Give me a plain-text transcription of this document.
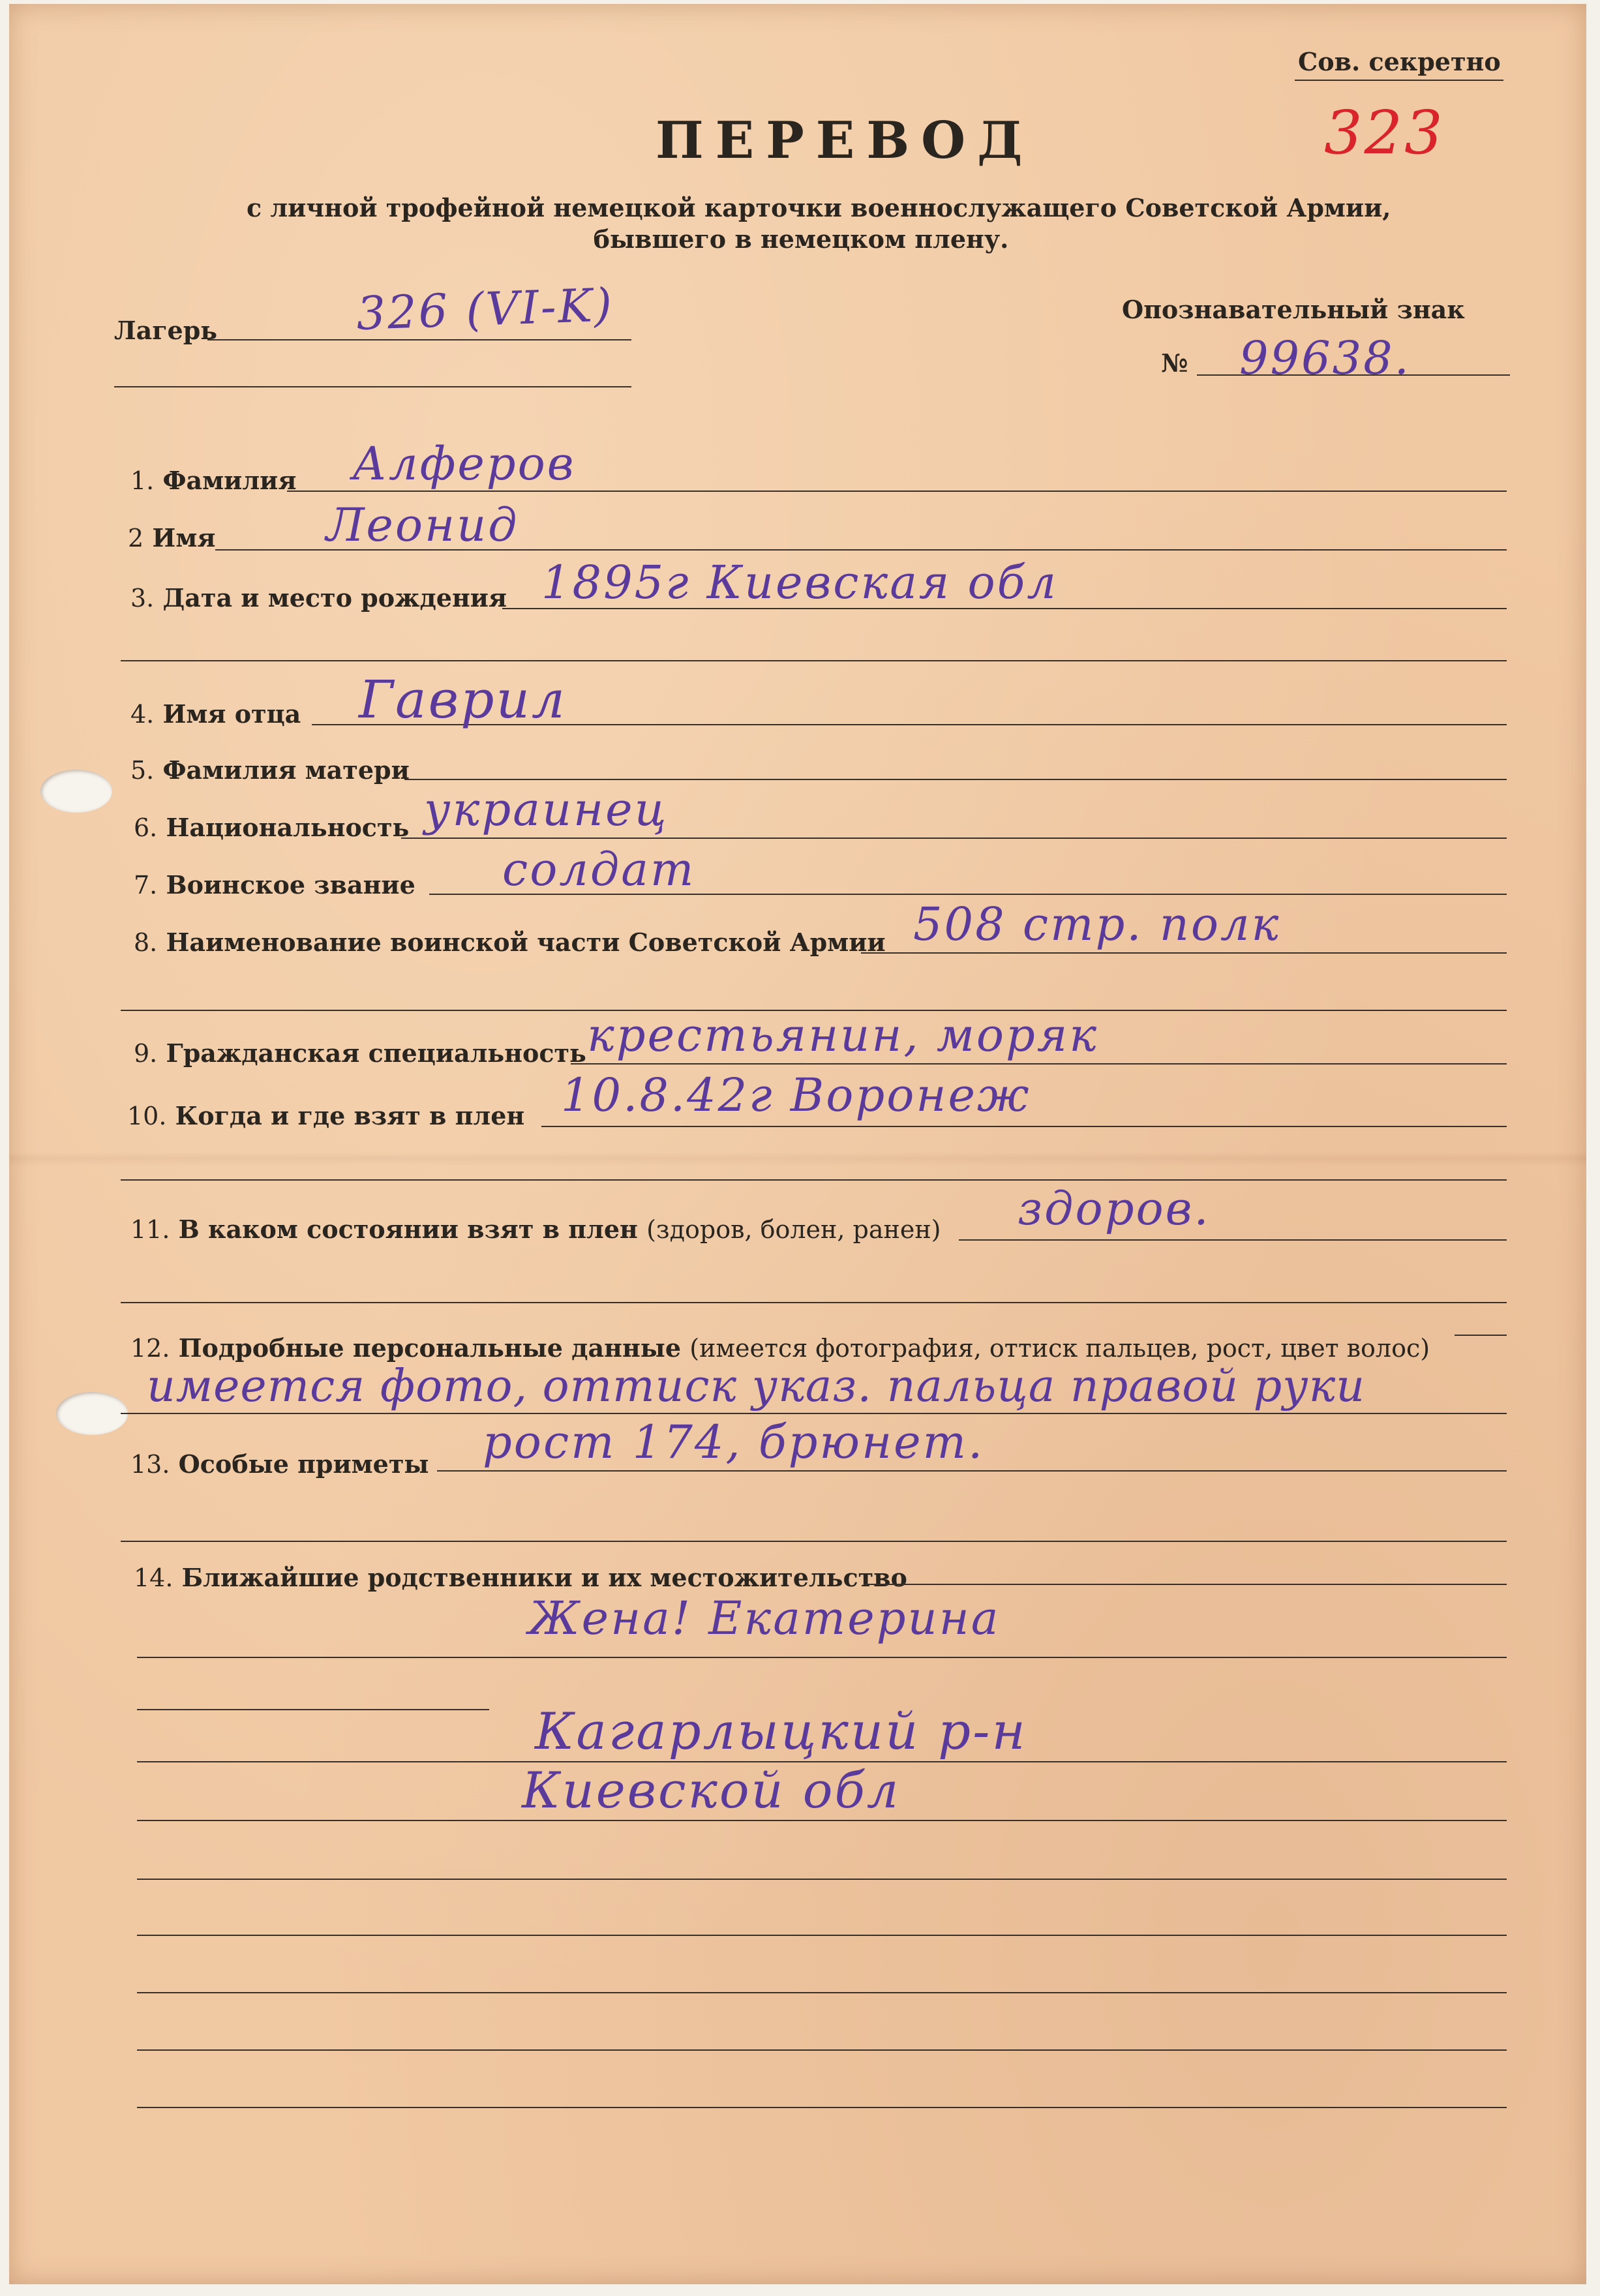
Сов. секретно
323
ПЕРЕВОД
с личной трофейной немецкой карточки военнослужащего Советской Армии,
бывшего в немецком плену.
Лагерь	326 (VI-K)	Опознавательный знак
№ 99638.
1. Фамилия Алферов
2 Имя Леонид
3. Дата и место рождения 1895г Киевская обл
4. Имя отца Гаврил
5. Фамилия матери
6. Национальность украинец
7. Воинское звание солдат
8. Наименование воинской части Советской Армии 508 стр. полк
9. Гражданская специальность крестьянин, моряк
10. Когда и где взят в плен 10.8.42г Воронеж
11. В каком состоянии взят в плен (здоров, болен, ранен) здоров.
12. Подробные персональные данные (имеется фотография, оттиск пальцев, рост, цвет волос)
имеется фото, оттиск указ. пальца правой руки
13. Особые приметы рост 174, брюнет.
14. Ближайшие родственники и их местожительство
Жена! Екатерина
Кагарлыцкий р-н
Киевской обл
